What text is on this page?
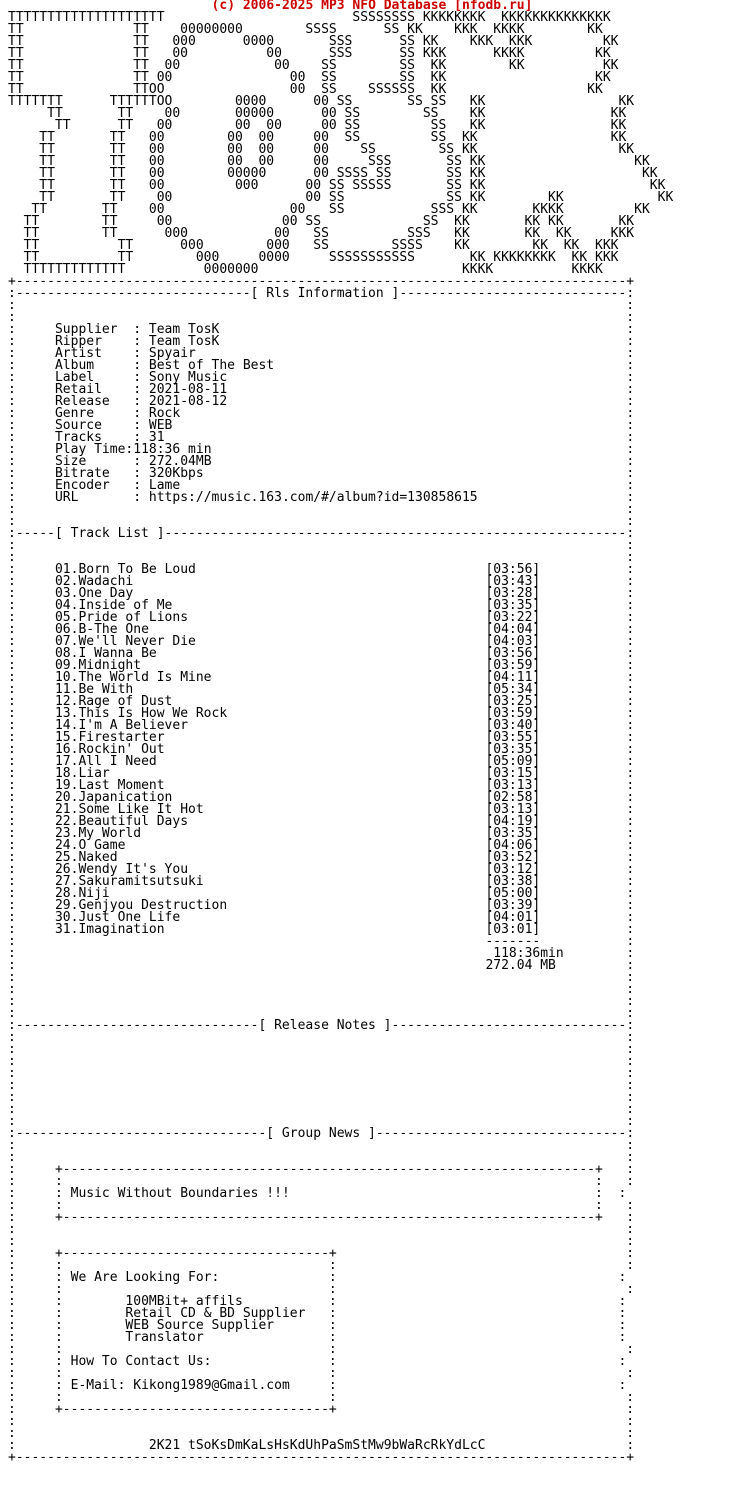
(c) 2006-2025 MP3 NFO Database [nfodb.ru]
TTTTTTTTTTTTTTTTTTTT                        SSSSSSSS KKKKKKKK  KKKKKKKKKKKKKK
TT              TT    00000000        SSSS      SS KK    KKK  KKKK        KK
TT              TT   000      0000       SSS      SS KK    KKK  KKK         KK
TT              TT   00          00      SSS      SS KKK      KKKK         KK
TT              TT  00            00    SS        SS  KK        KK          KK
TT              TT 00               00  SS        SS  KK                   KK
TT              TTOO                00  SS    SSSSSS  KK                  KK
TTTTTTT      TTTTTTOO        0000      00 SS       SS SS   KK                 KK
TT       TT    00       00000      00 SS        SS    KK                KK
TT      TT   00        00  00     00 SS         SS   KK                KK
TT       TT   00        00  00     00  SS         SS  KK                 KK
TT       TT   00        00  00     00    SS        SS KK                  KK
TT       TT   00        00  00     00     SSS       SS KK                   KK
TT       TT   00        00000      00 SSSS SS       SS KK                    KK
TT       TT   00         000      00 SS SSSSS       SS KK                     KK
TT       TT    00                 00 SS             SS KK        KK            KK
TT       TT    00                00   SS           SSS KK       KKKK         KK
TT        TT     00              00 SS             SS  KK       KK KK       KK
TT        TT      000           00   SS          SSS   KK       KK  KK     KKK
TT          TT      000        000   SS        SSSS    KK        KK  KK  KKK
TT          TT        000     0000     SSSSSSSSSSS       KK KKKKKKKK  KK KKK
TTTTTTTTTTTTT          0000000                          KKKK          KKKK
+------------------------------------------------------------------------------+
:------------------------------[ Rls Information ]-----------------------------:
:                                                                              :
:                                                                              :
:     Supplier  : Team TosK                                                    :
:     Ripper    : Team TosK                                                    :
:     Artist    : Spyair                                                       :
:     Album     : Best of The Best                                             :
:     Label     : Sony Music                                                   :
:     Retail    : 2021-08-11                                                   :
:     Release   : 2021-08-12                                                   :
:     Genre     : Rock                                                         :
:     Source    : WEB                                                          :
:     Tracks    : 31                                                           :
:     Play Time:118:36 min                                                     :
:     Size      : 272.04MB                                                     :
:     Bitrate   : 320Kbps                                                      :
:     Encoder   : Lame                                                         :
:     URL       : https://music.163.com/#/album?id=130858615                   :
:                                                                              :
:                                                                              :
:-----[ Track List ]-----------------------------------------------------------:
:                                                                              :
:                                                                              :
:     01.Born To Be Loud	[03:56]           :
:     02.Wadachi	[03:43]           :
:     03.One Day	[03:28]           :
:     04.Inside of Me	[03:35]           :
:     05.Pride of Lions	[03:22]           :
:     06.B-The One	[04:04]           :
:     07.We'll Never Die	[04:03]           :
:     08.I Wanna Be	[03:56]           :
:     09.Midnight	[03:59]           :
:     10.The World Is Mine	[04:11]           :
:     11.Be With	[05:34]           :
:     12.Rage of Dust	[03:25]           :
:     13.This Is How We Rock	[03:59]           :
:     14.I'm A Believer	[03:40]           :
:     15.Firestarter	[03:55]           :
:     16.Rockin' Out	[03:35]           :
:     17.All I Need	[05:09]           :
:     18.Liar	[03:15]           :
:     19.Last Moment	[03:13]           :
:     20.Japanication	[02:58]           :
:     21.Some Like It Hot	[03:13]           :
:     22.Beautiful Days	[04:19]           :
:     23.My World	[03:35]           :
:     24.O Game	[04:06]           :
:     25.Naked	[03:52]           :
:     26.Wendy It's You	[03:12]           :
:     27.Sakuramitsutsuki	[03:38]           :
:     28.Niji	[05:00]           :
:     29.Genjyou Destruction	[03:39]           :
:     30.Just One Life	[04:01]           :
:     31.Imagination	[03:01]           :
:                                                            -------           :
:                                                             118:36min        :
:                                                            272.04 MB         :
:                                                                              :
:                                                                              :
:                                                                              :
:                                                                              :
:-------------------------------[ Release Notes ]------------------------------:
:                                                                              :
:                                                                              :
:                                                                              :
:                                                                              :
:                                                                              :
:                                                                              :
:                                                                              :
:                                                                              :
:--------------------------------[ Group News ]--------------------------------:
:                                                                              :
:                                                                              :
:     +--------------------------------------------------------------------+   :
:     :                                                                    :   :
:     : Music Without Boundaries !!!                                       :  :
:     :                                                                    :   :
:     +--------------------------------------------------------------------+   :
:                                                                              :
:                                                                              :
:     +----------------------------------+                                     :
:     :                                  :                                     :
:     : We Are Looking For:              :                                    :
:     :                                  :                                     :
:     :	100MBit+ affils           :                                    :
:     :	Retail CD & BD Supplier   :                                    :
:     :	WEB Source Supplier       :                                    :
:     :	Translator                :                                    :
:     :                                  :                                     :
:     : How To Contact Us:               :                                    :
:     :                                  :                                     :
:     : E-Mail: Kikong1989@Gmail.com     :                                    :
:     :                                  :                                     :
:     +----------------------------------+                                     :
:                                                                              :
:                                                                              :
:                 2K21 tSoKsDmKaLsHsKdUhPaSmStMw9bWaRcRkYdLcC                  :
+------------------------------------------------------------------------------+
